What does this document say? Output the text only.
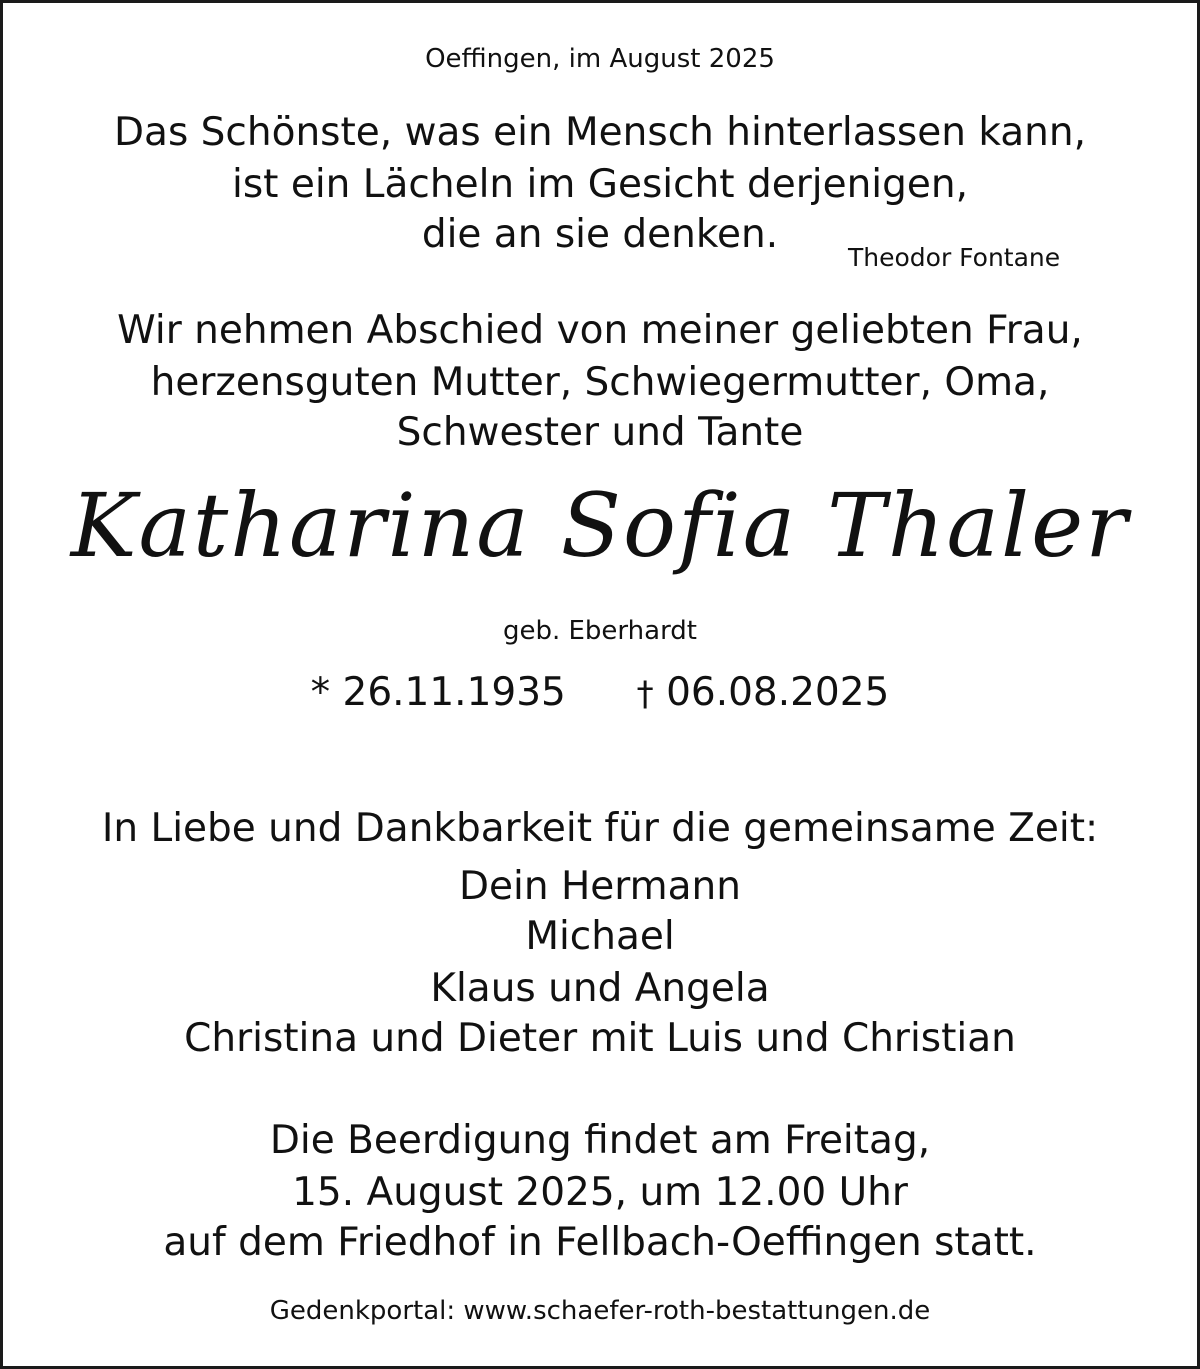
Oeffingen, im August 2025
Das Schönste, was ein Mensch hinterlassen kann,
ist ein Lächeln im Gesicht derjenigen,
die an sie denken.
Theodor Fontane
Wir nehmen Abschied von meiner geliebten Frau,
herzensguten Mutter, Schwiegermutter, Oma,
Schwester und Tante
Katharina Sofia Thaler
geb. Eberhardt
* 26.11.1935 † 06.08.2025
In Liebe und Dankbarkeit für die gemeinsame Zeit:
Dein Hermann
Michael
Klaus und Angela
Christina und Dieter mit Luis und Christian
Die Beerdigung findet am Freitag,
15. August 2025, um 12.00 Uhr
auf dem Friedhof in Fellbach-Oeffingen statt.
Gedenkportal: www.schaefer-roth-bestattungen.de
